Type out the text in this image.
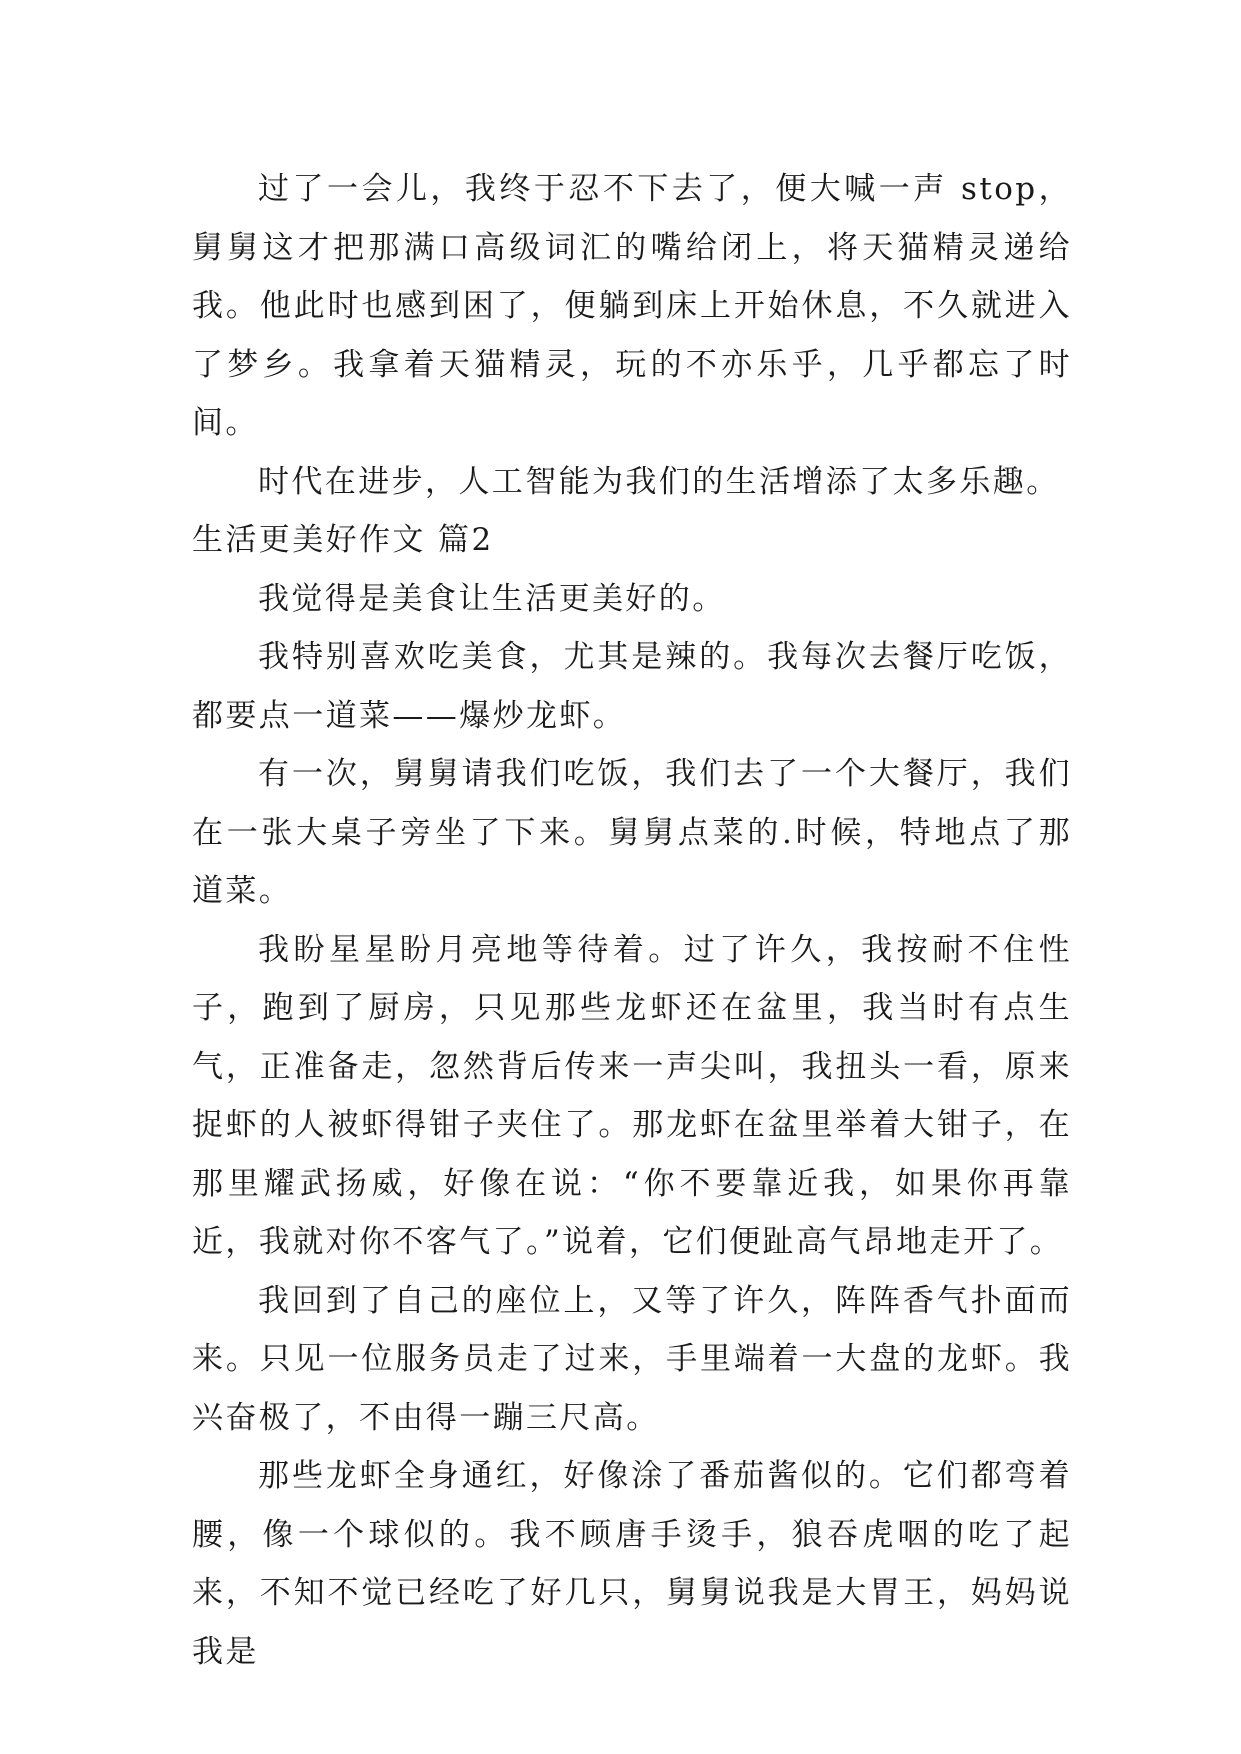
过了一会儿，我终于忍不下去了，便大喊一声 stop，舅舅这才把那满口高级词汇的嘴给闭上，将天猫精灵递给我。他此时也感到困了，便躺到床上开始休息，不久就进入了梦乡。我拿着天猫精灵，玩的不亦乐乎，几乎都忘了时间。

时代在进步，人工智能为我们的生活增添了太多乐趣。

生活更美好作文 篇2

我觉得是美食让生活更美好的。

我特别喜欢吃美食，尤其是辣的。我每次去餐厅吃饭，都要点一道菜——爆炒龙虾。

有一次，舅舅请我们吃饭，我们去了一个大餐厅，我们在一张大桌子旁坐了下来。舅舅点菜的.时候，特地点了那道菜。

我盼星星盼月亮地等待着。过了许久，我按耐不住性子，跑到了厨房，只见那些龙虾还在盆里，我当时有点生气，正准备走，忽然背后传来一声尖叫，我扭头一看，原来捉虾的人被虾得钳子夹住了。那龙虾在盆里举着大钳子，在那里耀武扬威，好像在说：“你不要靠近我，如果你再靠近，我就对你不客气了。”说着，它们便趾高气昂地走开了。

我回到了自己的座位上，又等了许久，阵阵香气扑面而来。只见一位服务员走了过来，手里端着一大盘的龙虾。我兴奋极了，不由得一蹦三尺高。

那些龙虾全身通红，好像涂了番茄酱似的。它们都弯着腰，像一个球似的。我不顾唐手烫手，狼吞虎咽的吃了起来，不知不觉已经吃了好几只，舅舅说我是大胃王，妈妈说我是
